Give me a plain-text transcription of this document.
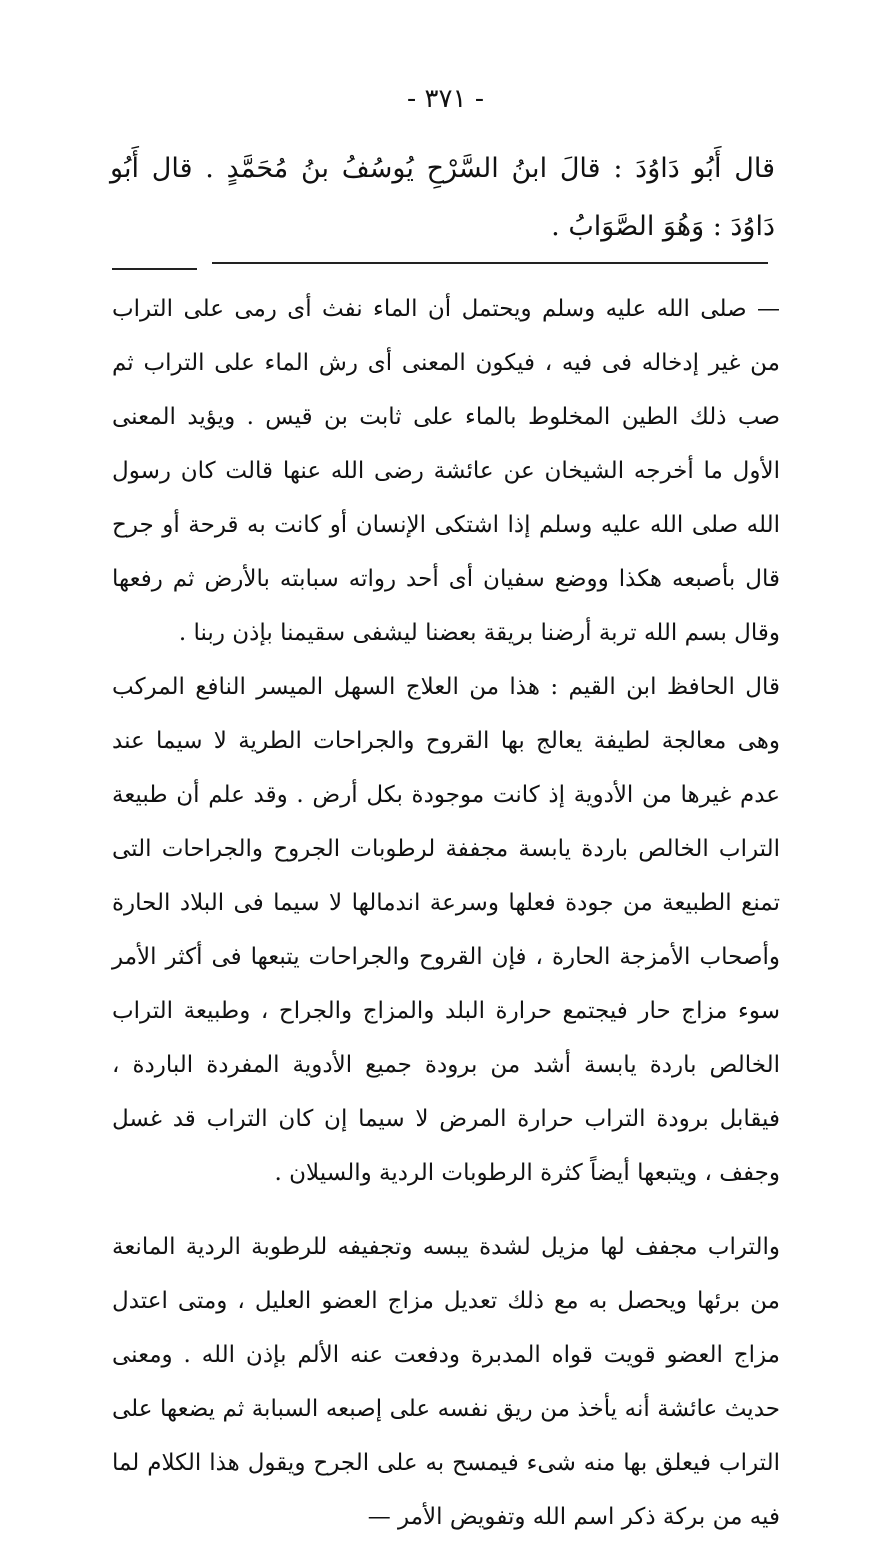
- ٣٧١ -

قال أَبُو دَاوُدَ : قالَ ابنُ السَّرْحِ يُوسُفُ بنُ مُحَمَّدٍ . قال أَبُو دَاوُدَ : وَهُوَ الصَّوَابُ .

— صلى الله عليه وسلم ويحتمل أن الماء نفث أى رمى على التراب من غير إدخاله فى فيه ، فيكون المعنى أى رش الماء على التراب ثم صب ذلك الطين المخلوط بالماء على ثابت بن قيس . ويؤيد المعنى الأول ما أخرجه الشيخان عن عائشة رضى الله عنها قالت كان رسول الله صلى الله عليه وسلم إذا اشتكى الإنسان أو كانت به قرحة أو جرح قال بأصبعه هكذا ووضع سفيان أى أحد رواته سبابته بالأرض ثم رفعها وقال بسم الله تربة أرضنا بريقة بعضنا ليشفى سقيمنا بإذن ربنا .

قال الحافظ ابن القيم : هذا من العلاج السهل الميسر النافع المركب وهى معالجة لطيفة يعالج بها القروح والجراحات الطرية لا سيما عند عدم غيرها من الأدوية إذ كانت موجودة بكل أرض . وقد علم أن طبيعة التراب الخالص باردة يابسة مجففة لرطوبات الجروح والجراحات التى تمنع الطبيعة من جودة فعلها وسرعة اندمالها لا سيما فى البلاد الحارة وأصحاب الأمزجة الحارة ، فإن القروح والجراحات يتبعها فى أكثر الأمر سوء مزاج حار فيجتمع حرارة البلد والمزاج والجراح ، وطبيعة التراب الخالص باردة يابسة أشد من برودة جميع الأدوية المفردة الباردة ، فيقابل برودة التراب حرارة المرض لا سيما إن كان التراب قد غسل وجفف ، ويتبعها أيضاً كثرة الرطوبات الردية والسيلان .

والتراب مجفف لها مزيل لشدة يبسه وتجفيفه للرطوبة الردية المانعة من برئها ويحصل به مع ذلك تعديل مزاج العضو العليل ، ومتى اعتدل مزاج العضو قويت قواه المدبرة ودفعت عنه الألم بإذن الله . ومعنى حديث عائشة أنه يأخذ من ريق نفسه على إصبعه السبابة ثم يضعها على التراب فيعلق بها منه شىء فيمسح به على الجرح ويقول هذا الكلام لما فيه من بركة ذكر اسم الله وتفويض الأمر —
